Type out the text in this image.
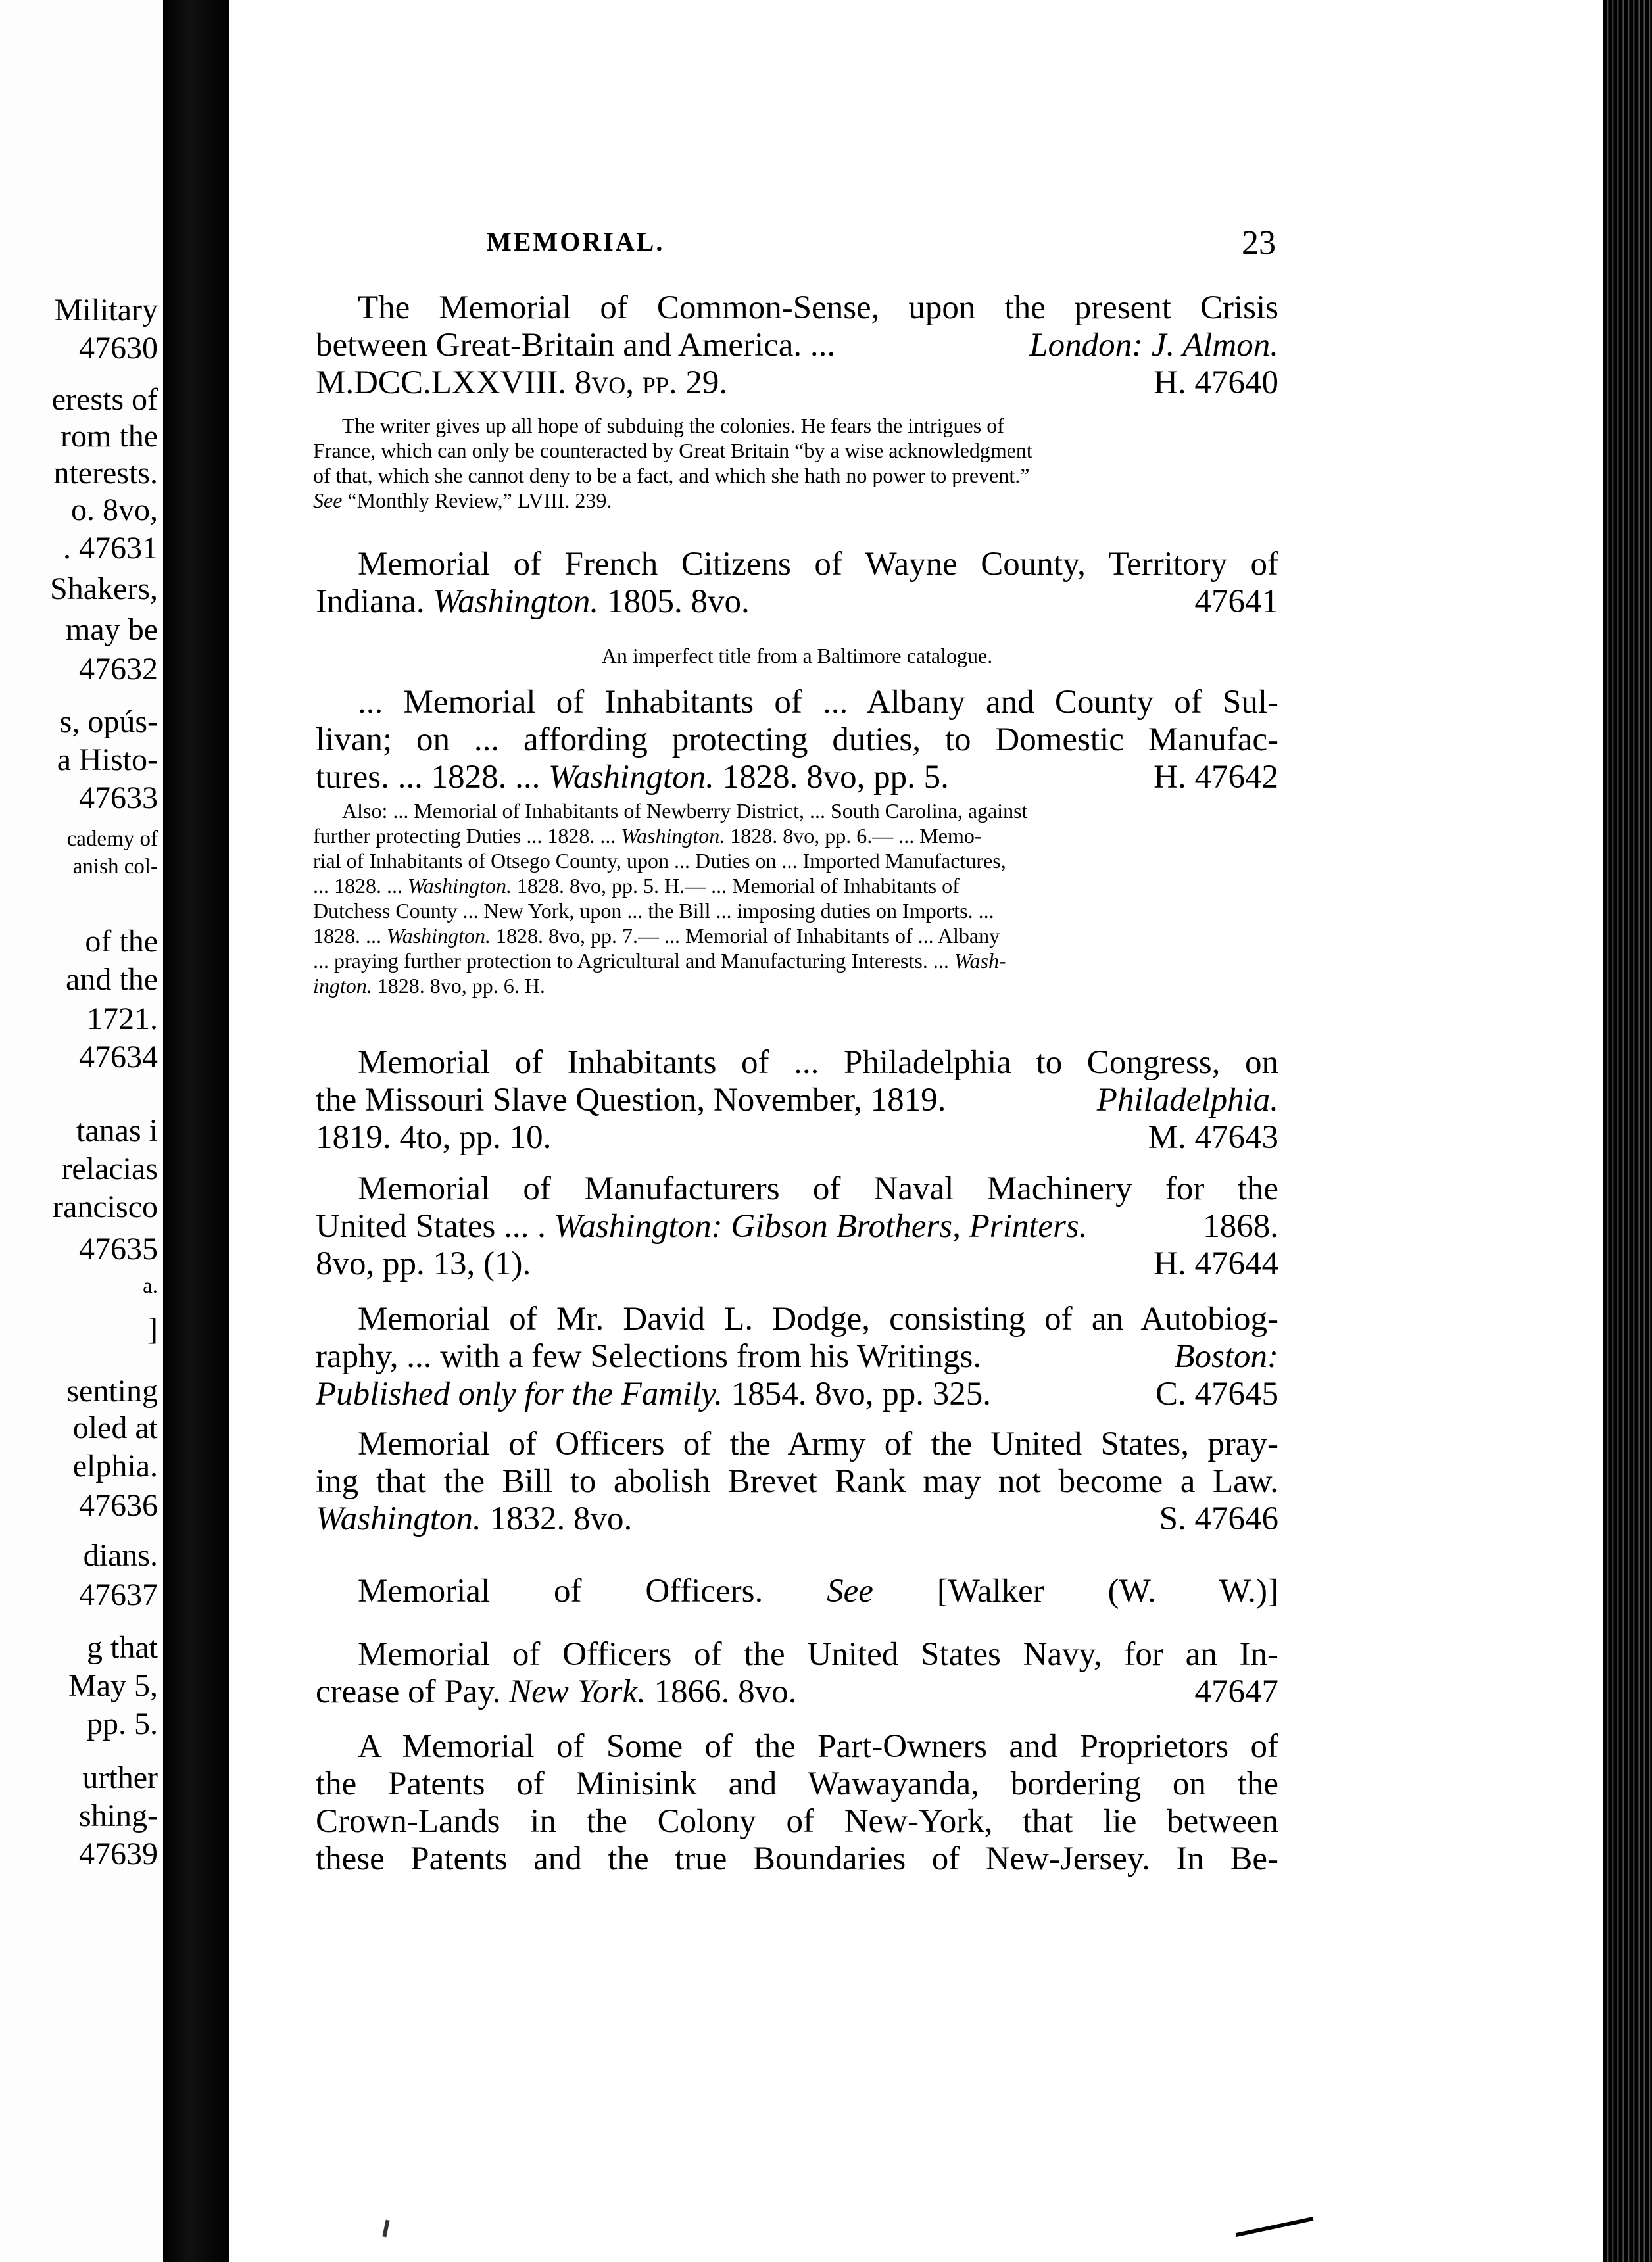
Military
47630
erests of
rom the
nterests.
o. 8vo,
. 47631
Shakers,
may be
47632
s, opús-
a Histo-
47633
cademy of
anish col-
of the
and the
1721.
47634
tanas i
relacias
rancisco
47635
a.
]
senting
oled at
elphia.
47636
dians.
47637
g that
May 5,
pp. 5.
urther
shing-
47639
MEMORIAL.	23
The Memorial of Common-Sense, upon the present Crisis
between Great-Britain and America. ...	London: J. Almon.
M.DCC.LXXVIII. 8vo, pp. 29.	H. 47640
The writer gives up all hope of subduing the colonies. He fears the intrigues of
France, which can only be counteracted by Great Britain “by a wise acknowledgment
of that, which she cannot deny to be a fact, and which she hath no power to prevent.”
See “Monthly Review,” LVIII. 239.
Memorial of French Citizens of Wayne County, Territory of
Indiana. Washington. 1805. 8vo.	47641
An imperfect title from a Baltimore catalogue.
... Memorial of Inhabitants of ... Albany and County of Sul-
livan; on ... affording protecting duties, to Domestic Manufac-
tures. ... 1828. ... Washington. 1828. 8vo, pp. 5.	H. 47642
Also: ... Memorial of Inhabitants of Newberry District, ... South Carolina, against
further protecting Duties ... 1828. ... Washington. 1828. 8vo, pp. 6.— ... Memo-
rial of Inhabitants of Otsego County, upon ... Duties on ... Imported Manufactures,
... 1828. ... Washington. 1828. 8vo, pp. 5. H.— ... Memorial of Inhabitants of
Dutchess County ... New York, upon ... the Bill ... imposing duties on Imports. ...
1828. ... Washington. 1828. 8vo, pp. 7.— ... Memorial of Inhabitants of ... Albany
... praying further protection to Agricultural and Manufacturing Interests. ... Wash-
ington. 1828. 8vo, pp. 6. H.
Memorial of Inhabitants of ... Philadelphia to Congress, on
the Missouri Slave Question, November, 1819.	Philadelphia.
1819. 4to, pp. 10.	M. 47643
Memorial of Manufacturers of Naval Machinery for the
United States ... . Washington: Gibson Brothers, Printers.	1868.
8vo, pp. 13, (1).	H. 47644
Memorial of Mr. David L. Dodge, consisting of an Autobiog-
raphy, ... with a few Selections from his Writings.	Boston:
Published only for the Family. 1854. 8vo, pp. 325.	C. 47645
Memorial of Officers of the Army of the United States, pray-
ing that the Bill to abolish Brevet Rank may not become a Law.
Washington. 1832. 8vo.	S. 47646
Memorial of Officers. See [Walker (W. W.)]
Memorial of Officers of the United States Navy, for an In-
crease of Pay. New York. 1866. 8vo.	47647
A Memorial of Some of the Part-Owners and Proprietors of
the Patents of Minisink and Wawayanda, bordering on the
Crown-Lands in the Colony of New-York, that lie between
these Patents and the true Boundaries of New-Jersey. In Be-
